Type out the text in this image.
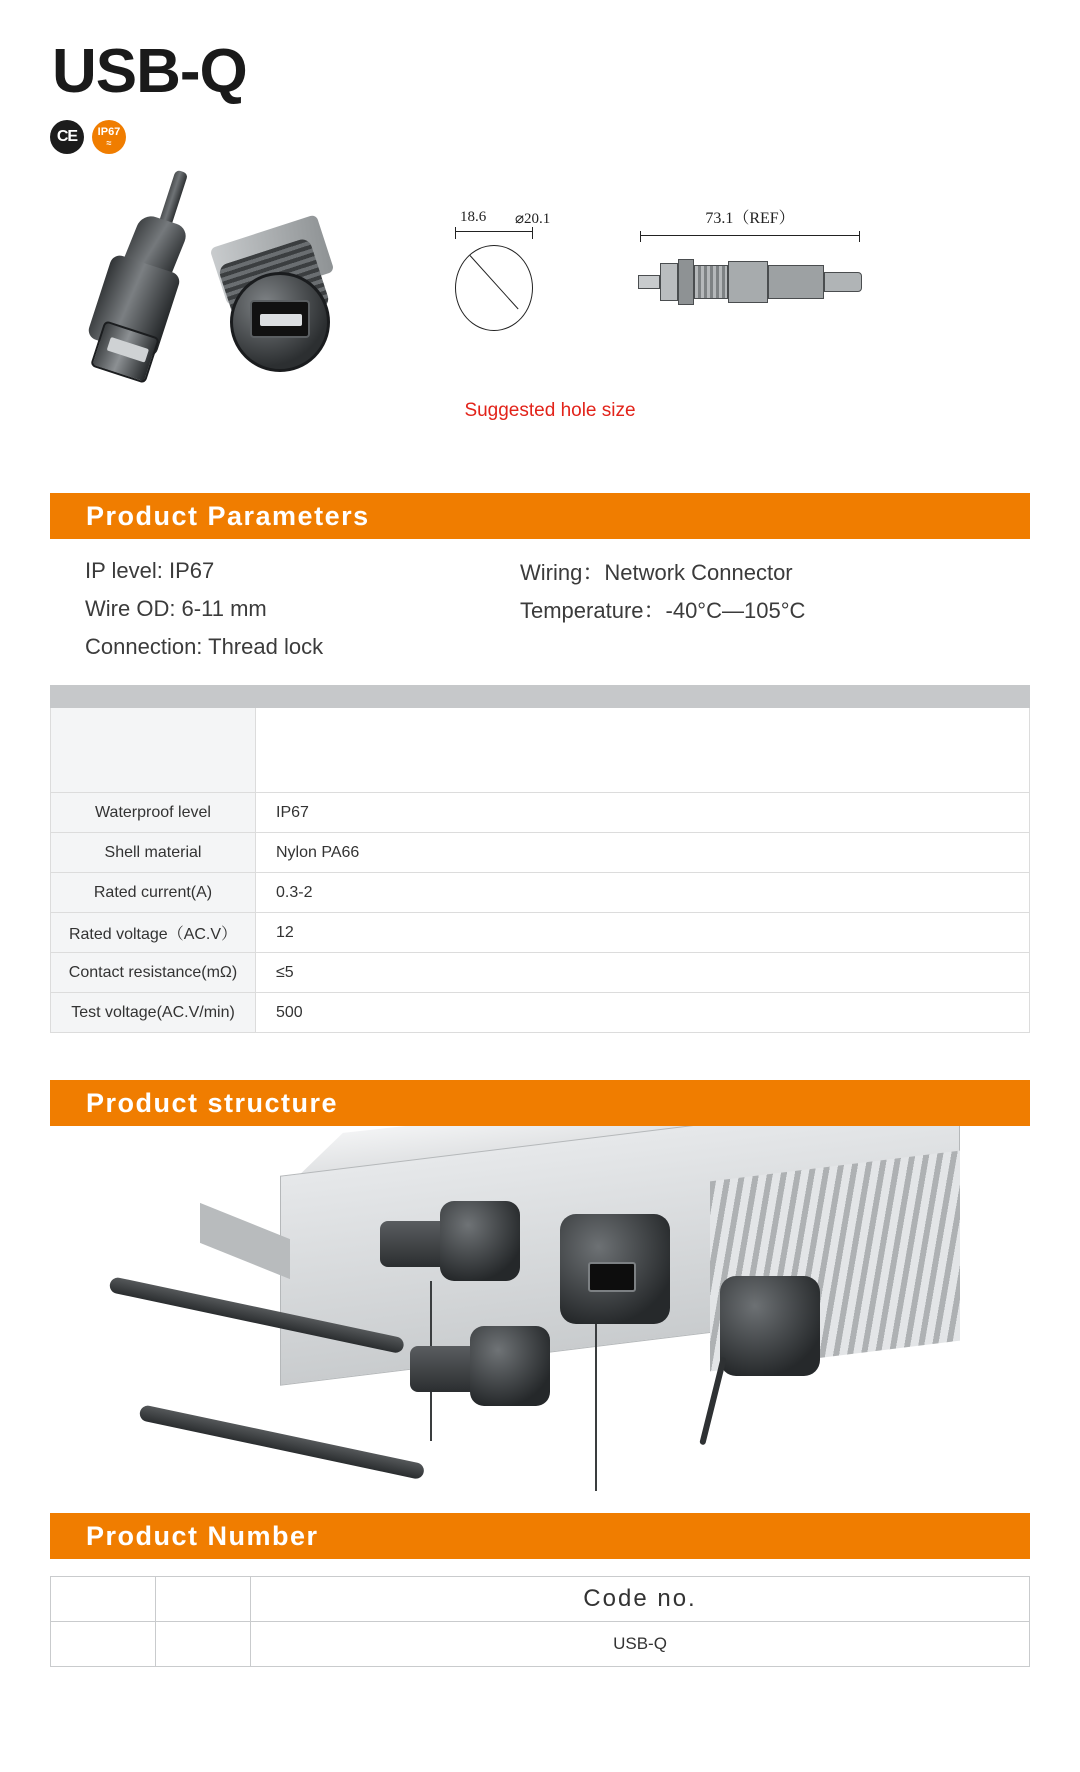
USB-Q
CE IP67
≈
18.6 ⌀20.1
Suggested hole size
73.1（REF）
Product Parameters
IP level: IP67	Wiring：Network Connector
Wire OD: 6-11 mm	Temperature：-40°C—105°C
Connection: Thread lock

Waterproof level	IP67						
Shell material	Nylon PA66						
Rated current(A)	0.3-2						
Rated voltage（AC.V）	12						
Contact resistance(mΩ)	≤5						
Test voltage(AC.V/min)	500						
Product structure
Product Number
		Code no.
		USB-Q
